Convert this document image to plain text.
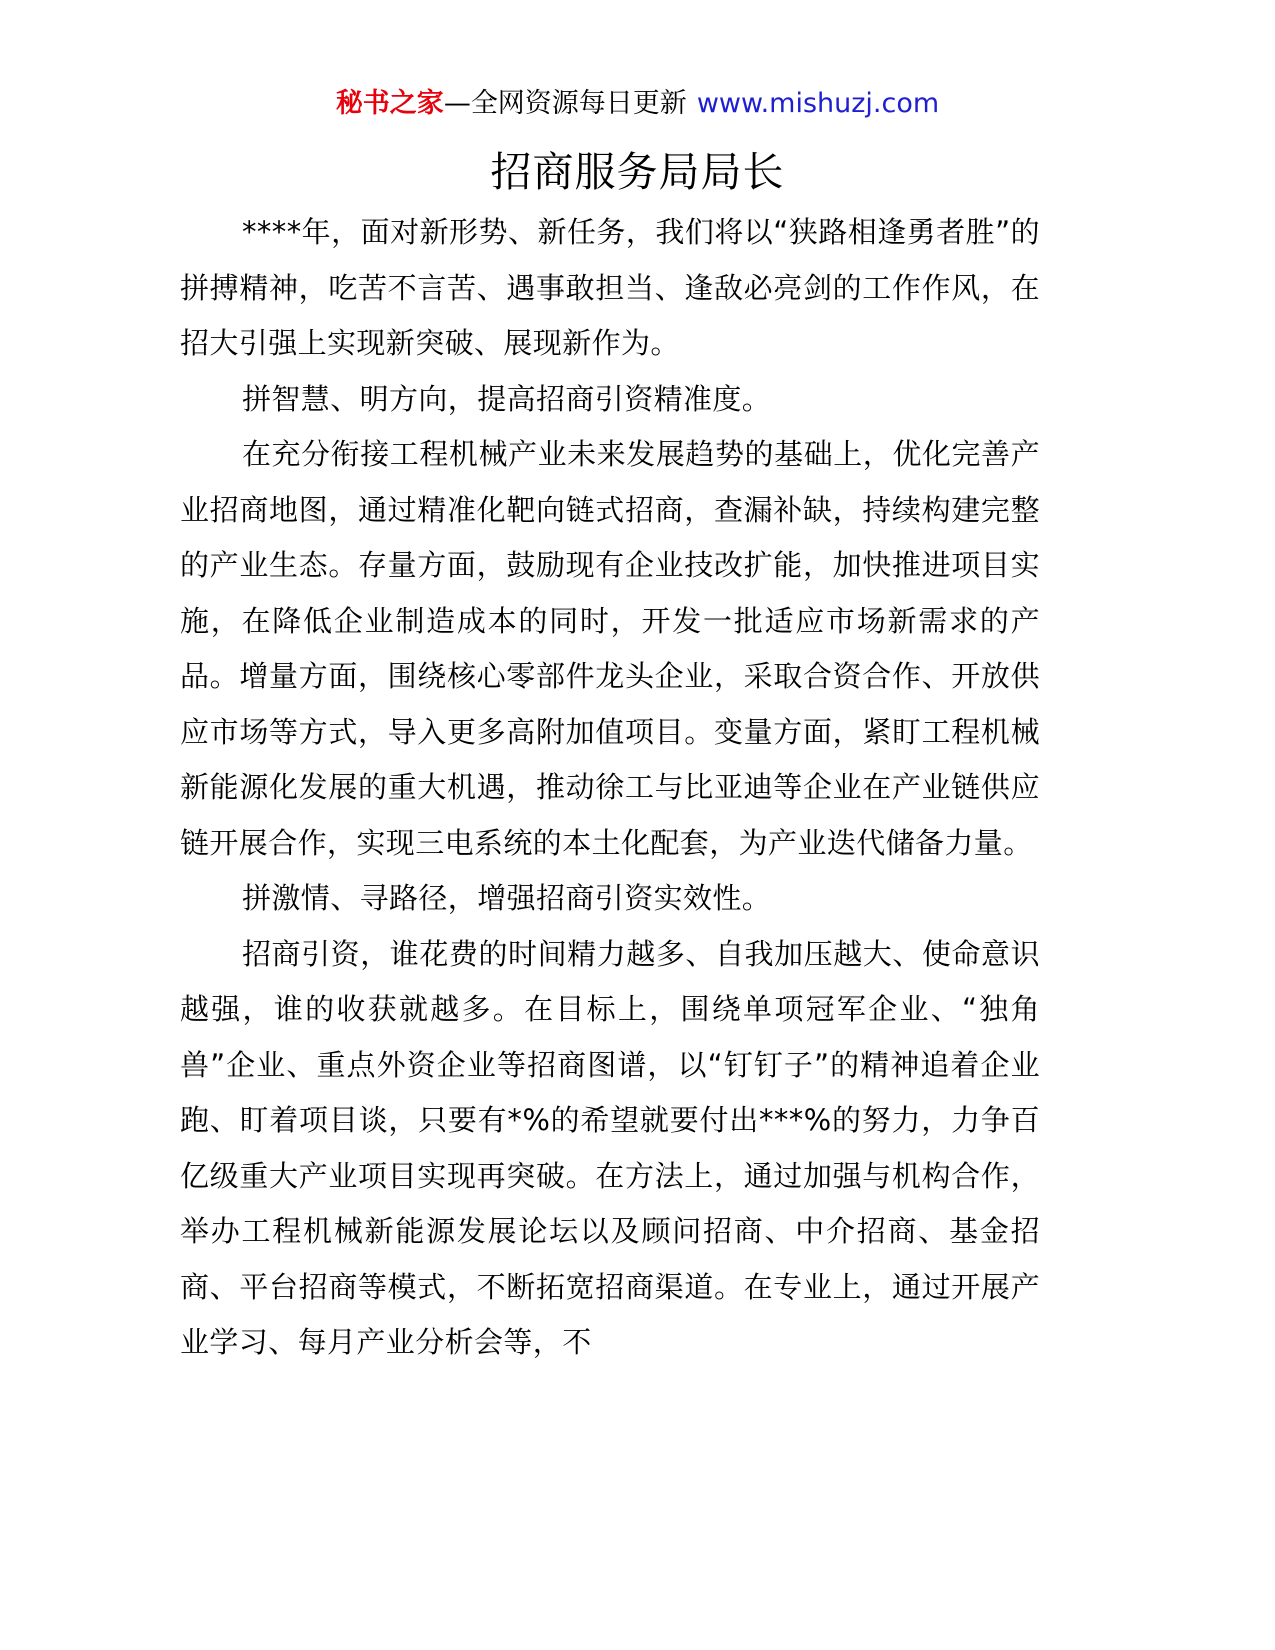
秘书之家—全网资源每日更新 www.mishuzj.com
招商服务局局长

****年，面对新形势、新任务，我们将以“狭路相逢勇者胜”的拼搏精神，吃苦不言苦、遇事敢担当、逢敌必亮剑的工作作风，在招大引强上实现新突破、展现新作为。

拼智慧、明方向，提高招商引资精准度。

在充分衔接工程机械产业未来发展趋势的基础上，优化完善产业招商地图，通过精准化靶向链式招商，查漏补缺，持续构建完整的产业生态。存量方面，鼓励现有企业技改扩能，加快推进项目实施，在降低企业制造成本的同时，开发一批适应市场新需求的产品。增量方面，围绕核心零部件龙头企业，采取合资合作、开放供应市场等方式，导入更多高附加值项目。变量方面，紧盯工程机械新能源化发展的重大机遇，推动徐工与比亚迪等企业在产业链供应链开展合作，实现三电系统的本土化配套，为产业迭代储备力量。

拼激情、寻路径，增强招商引资实效性。

招商引资，谁花费的时间精力越多、自我加压越大、使命意识越强，谁的收获就越多。在目标上，围绕单项冠军企业、“独角兽”企业、重点外资企业等招商图谱，以“钉钉子”的精神追着企业跑、盯着项目谈，只要有*%的希望就要付出***%的努力，力争百亿级重大产业项目实现再突破。在方法上，通过加强与机构合作，举办工程机械新能源发展论坛以及顾问招商、中介招商、基金招商、平台招商等模式，不断拓宽招商渠道。在专业上，通过开展产业学习、每月产业分析会等，不
